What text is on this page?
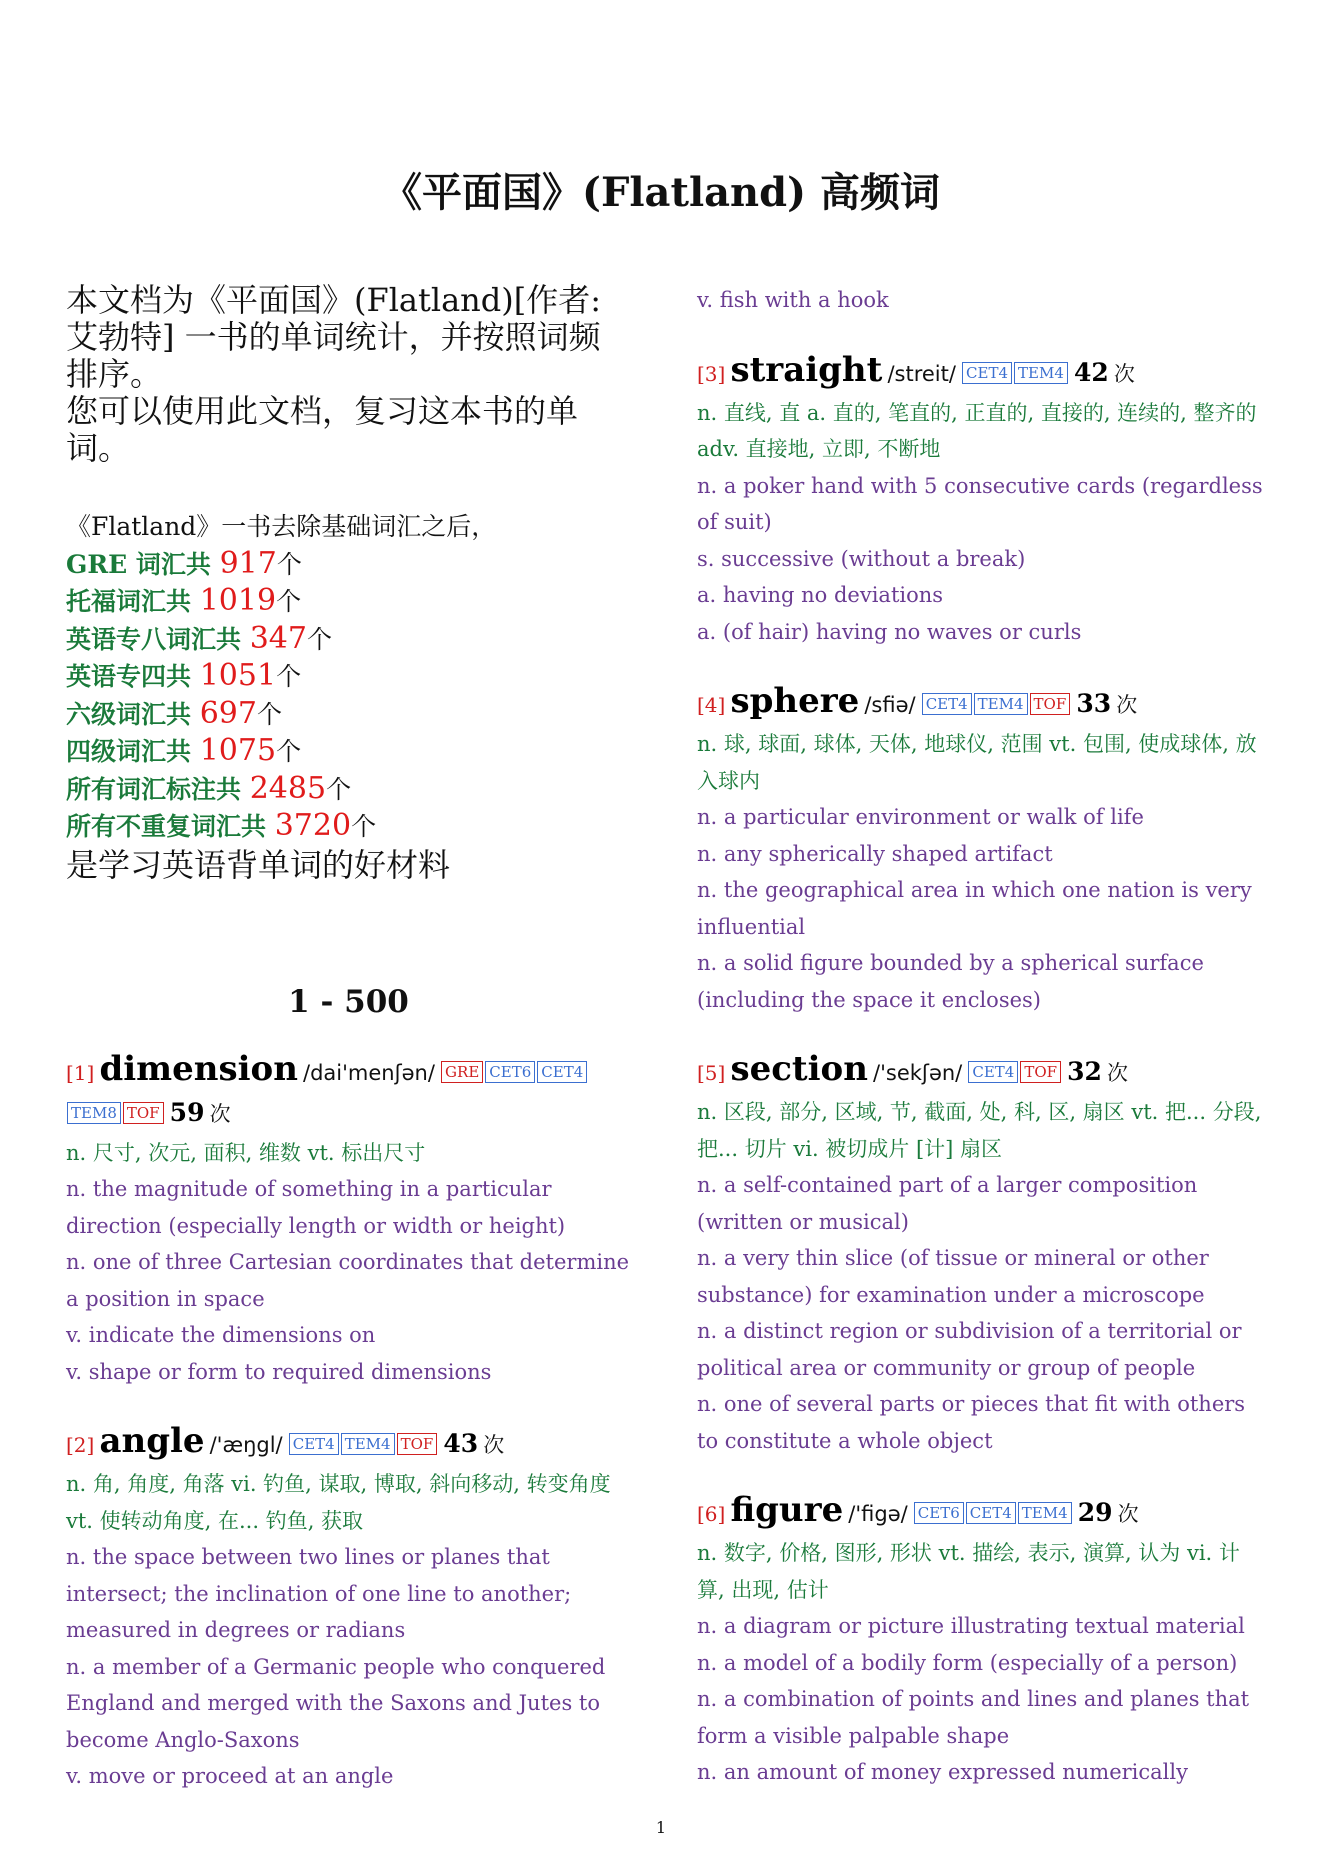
《平面国》(Flatland) 高频词

本文档为《平面国》(Flatland)[作者: 艾勃特] 一书的单词统计，并按照词频排序。

您可以使用此文档，复习这本书的单词。

《Flatland》一书去除基础词汇之后，
GRE 词汇共 917个
托福词汇共 1019个
英语专八词汇共 347个
英语专四共 1051个
六级词汇共 697个
四级词汇共 1075个
所有词汇标注共 2485个
所有不重复词汇共 3720个
是学习英语背单词的好材料
1 - 500
[1] dimension /dai'menʃən/ GRE CET6 CET4TEM8 TOF 59 次
n. 尺寸, 次元, 面积, 维数 vt. 标出尺寸
n. the magnitude of something in a particular direction (especially length or width or height)
n. one of three Cartesian coordinates that determine a position in space
v. indicate the dimensions on
v. shape or form to required dimensions
[2] angle /'æŋgl/ CET4 TEM4 TOF 43 次
n. 角, 角度, 角落 vi. 钓鱼, 谋取, 博取, 斜向移动, 转变角度 vt. 使转动角度, 在... 钓鱼, 获取
n. the space between two lines or planes that intersect; the inclination of one line to another; measured in degrees or radians
n. a member of a Germanic people who conquered England and merged with the Saxons and Jutes to become Anglo-Saxons
v. move or proceed at an angle
v. fish with a hook
[3] straight /streit/ CET4 TEM4 42 次
n. 直线, 直 a. 直的, 笔直的, 正直的, 直接的, 连续的, 整齐的 adv. 直接地, 立即, 不断地
n. a poker hand with 5 consecutive cards (regardless of suit)
s. successive (without a break)
a. having no deviations
a. (of hair) having no waves or curls
[4] sphere /sfiə/ CET4 TEM4 TOF 33 次
n. 球, 球面, 球体, 天体, 地球仪, 范围 vt. 包围, 使成球体, 放入球内
n. a particular environment or walk of life
n. any spherically shaped artifact
n. the geographical area in which one nation is very influential
n. a solid figure bounded by a spherical surface (including the space it encloses)
[5] section /'sekʃən/ CET4 TOF 32 次
n. 区段, 部分, 区域, 节, 截面, 处, 科, 区, 扇区 vt. 把... 分段, 把... 切片 vi. 被切成片 [计] 扇区
n. a self-contained part of a larger composition (written or musical)
n. a very thin slice (of tissue or mineral or other substance) for examination under a microscope
n. a distinct region or subdivision of a territorial or political area or community or group of people
n. one of several parts or pieces that fit with others to constitute a whole object
[6] figure /'figə/ CET6 CET4 TEM4 29 次
n. 数字, 价格, 图形, 形状 vt. 描绘, 表示, 演算, 认为 vi. 计算, 出现, 估计
n. a diagram or picture illustrating textual material
n. a model of a bodily form (especially of a person)
n. a combination of points and lines and planes that form a visible palpable shape
n. an amount of money expressed numerically
1
